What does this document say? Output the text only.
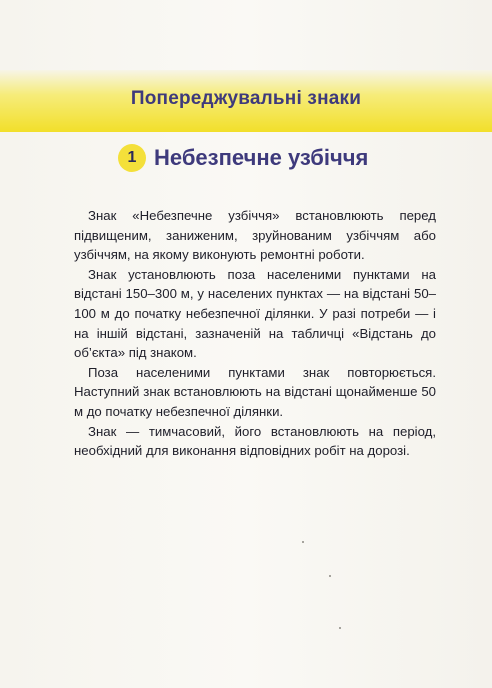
Попереджувальні знаки
1 Небезпечне узбіччя

Знак «Небезпечне узбіччя» встановлюють перед підвищеним, заниженим, зруйнованим узбіччям або узбіччям, на якому виконують ремонтні роботи.

Знак установлюють поза населеними пунктами на відстані 150–300 м, у населених пунктах — на відстані 50–100 м до початку небезпечної ділянки. У разі потреби — і на іншій відстані, зазначеній на табличці «Відстань до об’єкта» під знаком.

Поза населеними пунктами знак повторюється. Наступний знак встановлюють на відстані щонайменше 50 м до початку небезпечної ділянки.

Знак — тимчасовий, його встановлюють на період, необхідний для виконання відповідних робіт на дорозі.
